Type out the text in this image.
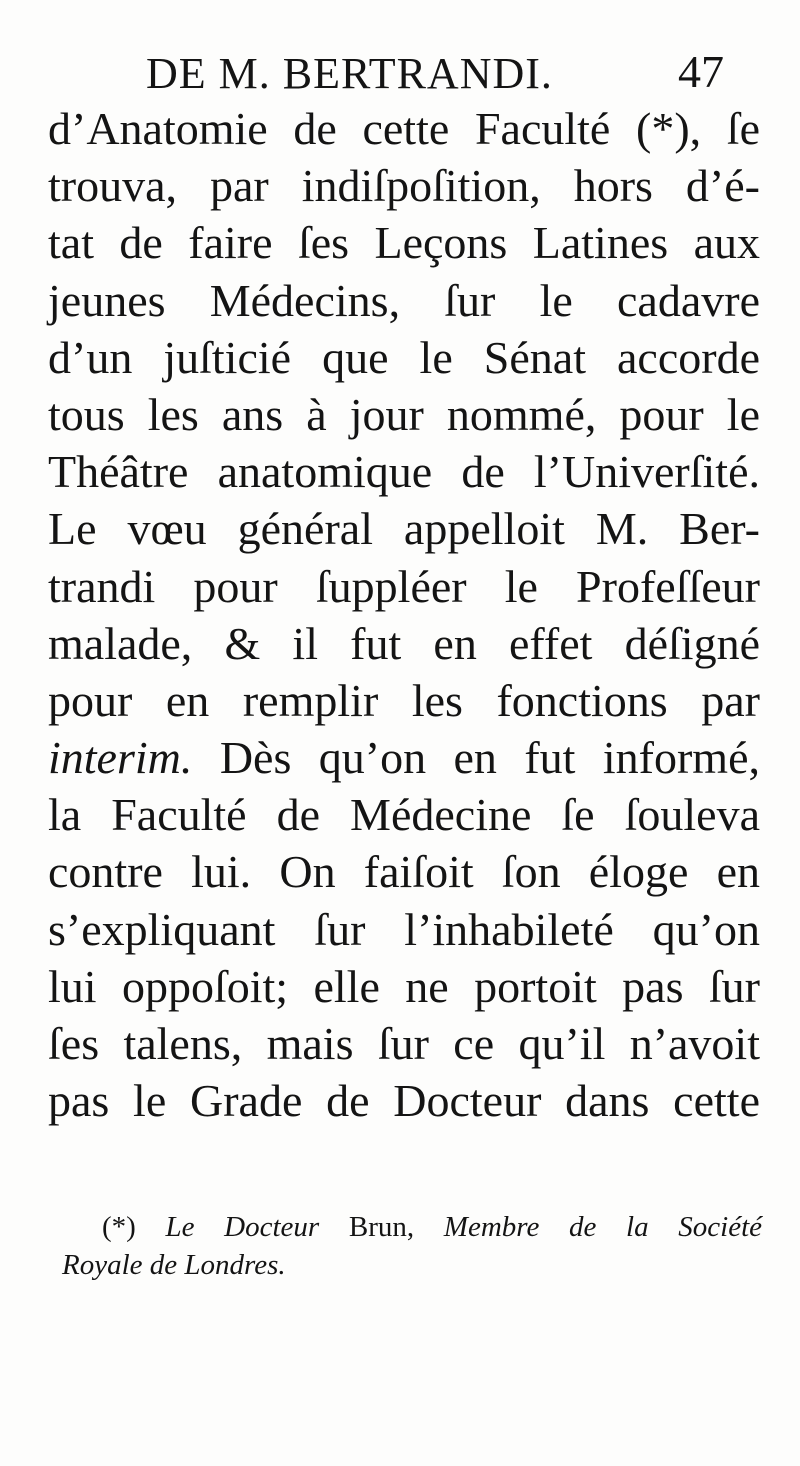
DE M. BERTRANDI.	47
d’Anatomie de cette Faculté (*), ſe
trouva, par indiſpoſition, hors d’é-
tat de faire ſes Leçons Latines aux
jeunes Médecins, ſur le cadavre
d’un juſticié que le Sénat accorde
tous les ans à jour nommé, pour le
Théâtre anatomique de l’Univerſité.
Le vœu général appelloit M. Ber-
trandi pour ſuppléer le Profeſſeur
malade, & il fut en effet déſigné
pour en remplir les fonctions par
interim. Dès qu’on en fut informé,
la Faculté de Médecine ſe ſouleva
contre lui. On faiſoit ſon éloge en
s’expliquant ſur l’inhabileté qu’on
lui oppoſoit; elle ne portoit pas ſur
ſes talens, mais ſur ce qu’il n’avoit
pas le Grade de Docteur dans cette
(*) Le Docteur Brun, Membre de la Société
Royale de Londres.
